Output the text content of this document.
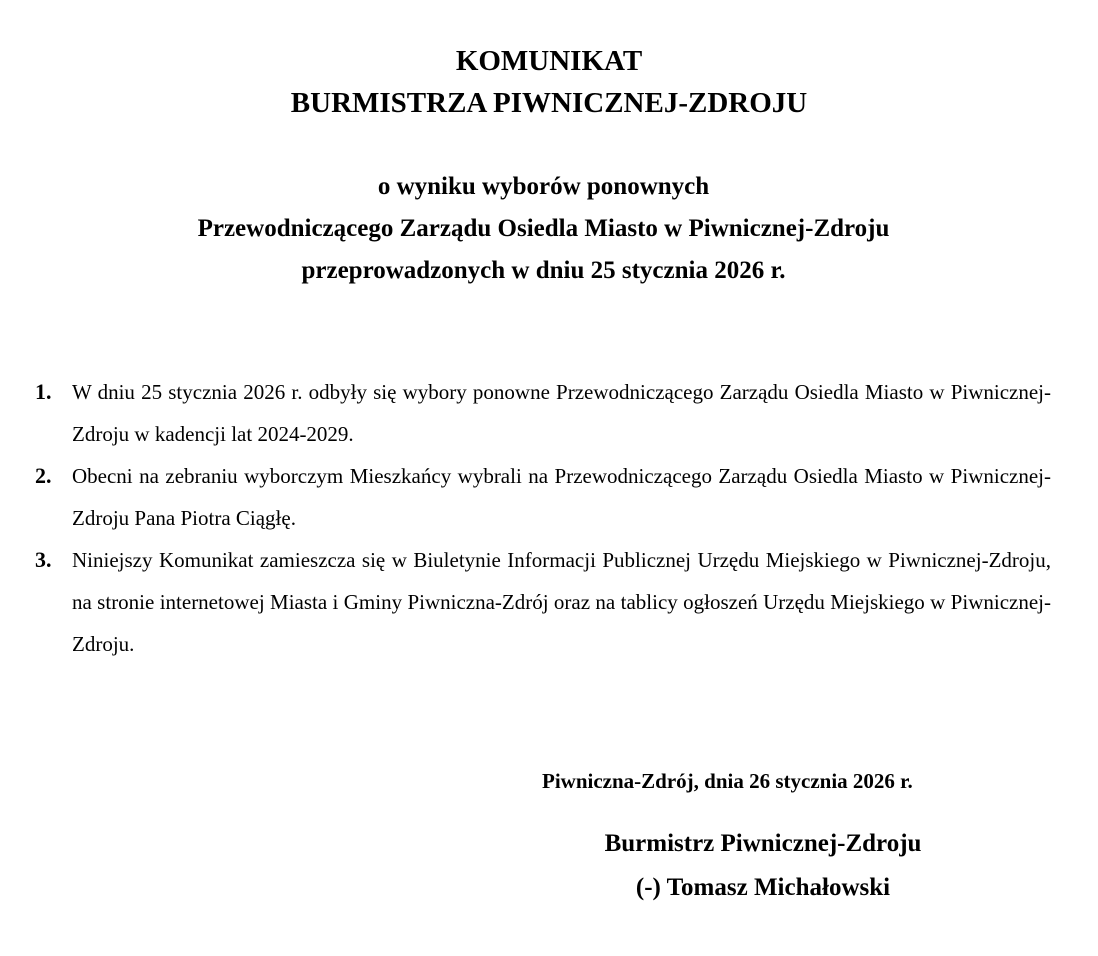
KOMUNIKAT
BURMISTRZA PIWNICZNEJ-ZDROJU
o wyniku wyborów ponownych
Przewodniczącego Zarządu Osiedla Miasto w Piwnicznej-Zdroju
przeprowadzonych w dniu 25 stycznia 2026 r.
1. W dniu 25 stycznia 2026 r. odbyły się wybory ponowne Przewodniczącego Zarządu Osiedla Miasto w Piwnicznej-Zdroju w kadencji lat 2024-2029.
2. Obecni na zebraniu wyborczym Mieszkańcy wybrali na Przewodniczącego Zarządu Osiedla Miasto w Piwnicznej-Zdroju Pana Piotra Ciągłę.
3. Niniejszy Komunikat zamieszcza się w Biuletynie Informacji Publicznej Urzędu Miejskiego w Piwnicznej-Zdroju, na stronie internetowej Miasta i Gminy Piwniczna-Zdrój oraz na tablicy ogłoszeń Urzędu Miejskiego w Piwnicznej-Zdroju.
Piwniczna-Zdrój, dnia 26 stycznia 2026 r.
Burmistrz Piwnicznej-Zdroju
(-) Tomasz Michałowski
